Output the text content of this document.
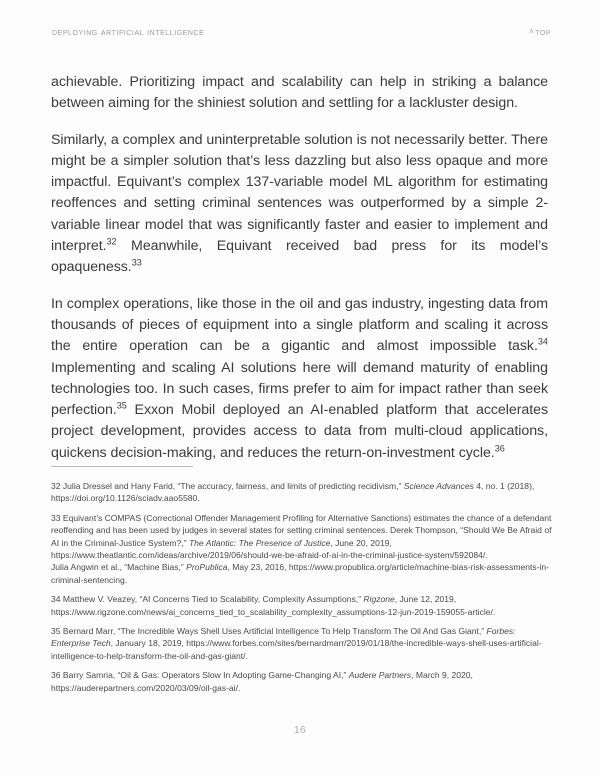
deploying artificial intelligence	˄ top

achievable. Prioritizing impact and scalability can help in striking a balance between aiming for the shiniest solution and settling for a lackluster design.

Similarly, a complex and uninterpretable solution is not necessarily better. There might be a simpler solution that’s less dazzling but also less opaque and more impactful. Equivant’s complex 137-variable model ML algorithm for estimating reoffences and setting criminal sentences was outperformed by a simple 2-variable linear model that was significantly faster and easier to implement and interpret.$^{32}$ Meanwhile, Equivant received bad press for its model’s opaqueness.$^{33}$

In complex operations, like those in the oil and gas industry, ingesting data from thousands of pieces of equipment into a single platform and scaling it across the entire operation can be a gigantic and almost impossible task.$^{34}$ Implementing and scaling AI solutions here will demand maturity of enabling technologies too. In such cases, firms prefer to aim for impact rather than seek perfection.$^{35}$ Exxon Mobil deployed an AI-enabled platform that accelerates project development, provides access to data from multi-cloud applications, quickens decision-making, and reduces the return-on-investment cycle.$^{36}$

32 Julia Dressel and Hany Farid, “The accuracy, fairness, and limits of predicting recidivism,” Science Advances 4, no. 1 (2018), https://doi.org/10.1126/sciadv.aao5580.

33 Equivant’s COMPAS (Correctional Offender Management Profiling for Alternative Sanctions) estimates the chance of a defendant reoffending and has been used by judges in several states for setting criminal sentences. Derek Thompson, “Should We Be Afraid of AI in the Criminal-Justice System?,” The Atlantic: The Presence of Justice, June 20, 2019, https://www.theatlantic.com/ideas/archive/2019/06/should-we-be-afraid-of-ai-in-the-criminal-justice-system/592084/.
Julia Angwin et al., “Machine Bias,” ProPublica, May 23, 2016, https://www.propublica.org/article/machine-bias-risk-assessments-in-criminal-sentencing.

34 Matthew V. Veazey, “AI Concerns Tied to Scalability, Complexity Assumptions,” Rigzone, June 12, 2019, https://www.rigzone.com/news/ai_concerns_tied_to_scalability_complexity_assumptions-12-jun-2019-159055-article/.

35 Bernard Marr, “The Incredible Ways Shell Uses Artificial Intelligence To Help Transform The Oil And Gas Giant,” Forbes: Enterprise Tech, January 18, 2019, https://www.forbes.com/sites/bernardmarr/2019/01/18/the-incredible-ways-shell-uses-artificial-intelligence-to-help-transform-the-oil-and-gas-giant/.

36 Barry Samria, “Oil & Gas: Operators Slow In Adopting Game-Changing AI,” Audere Partners, March 9, 2020, https://auderepartners.com/2020/03/09/oil-gas-ai/.

16
